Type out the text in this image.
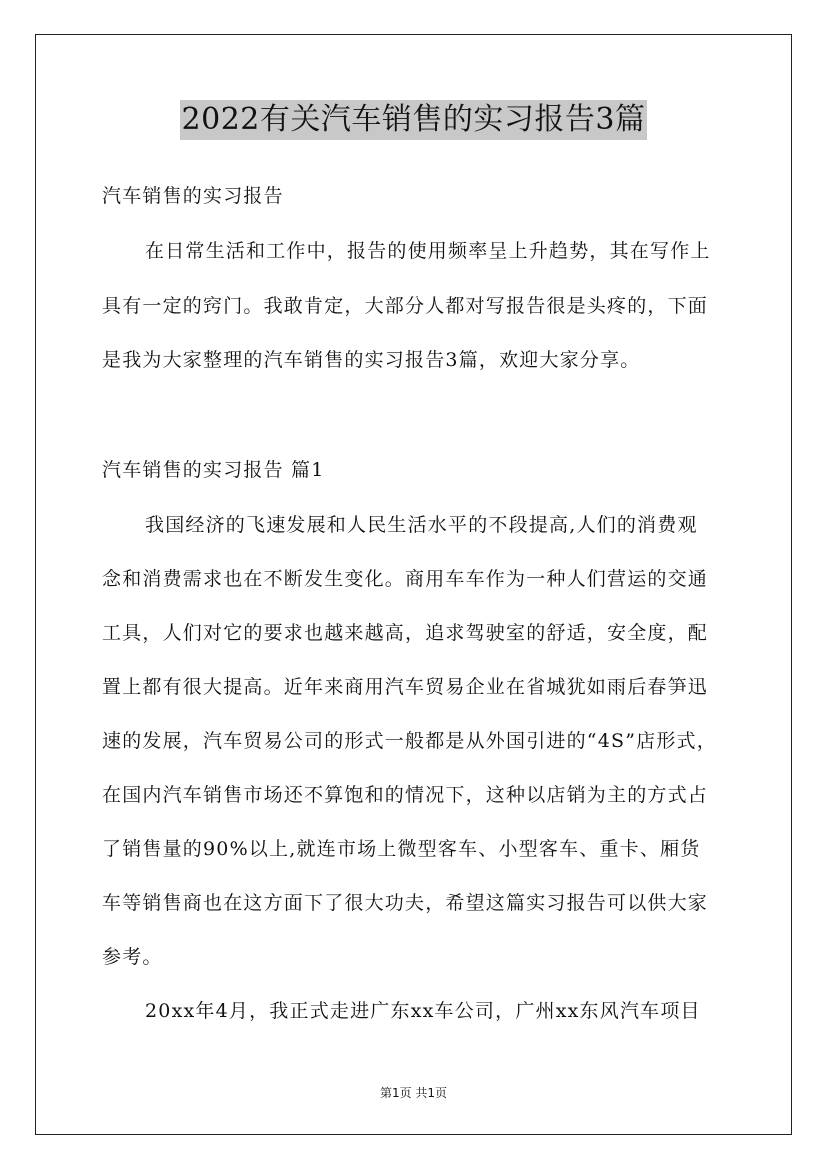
2022有关汽车销售的实习报告3篇
汽车销售的实习报告
在日常生活和工作中，报告的使用频率呈上升趋势，其在写作上
具有一定的窍门。我敢肯定，大部分人都对写报告很是头疼的，下面
是我为大家整理的汽车销售的实习报告3篇，欢迎大家分享。
汽车销售的实习报告 篇1
我国经济的飞速发展和人民生活水平的不段提高,人们的消费观
念和消费需求也在不断发生变化。商用车车作为一种人们营运的交通
工具，人们对它的要求也越来越高，追求驾驶室的舒适，安全度，配
置上都有很大提高。近年来商用汽车贸易企业在省城犹如雨后春笋迅
速的发展，汽车贸易公司的形式一般都是从外国引进的“4S”店形式，
在国内汽车销售市场还不算饱和的情况下，这种以店销为主的方式占
了销售量的90%以上,就连市场上微型客车、小型客车、重卡、厢货
车等销售商也在这方面下了很大功夫，希望这篇实习报告可以供大家
参考。
20xx年4月，我正式走进广东xx车公司，广州xx东风汽车项目
第1页 共1页
